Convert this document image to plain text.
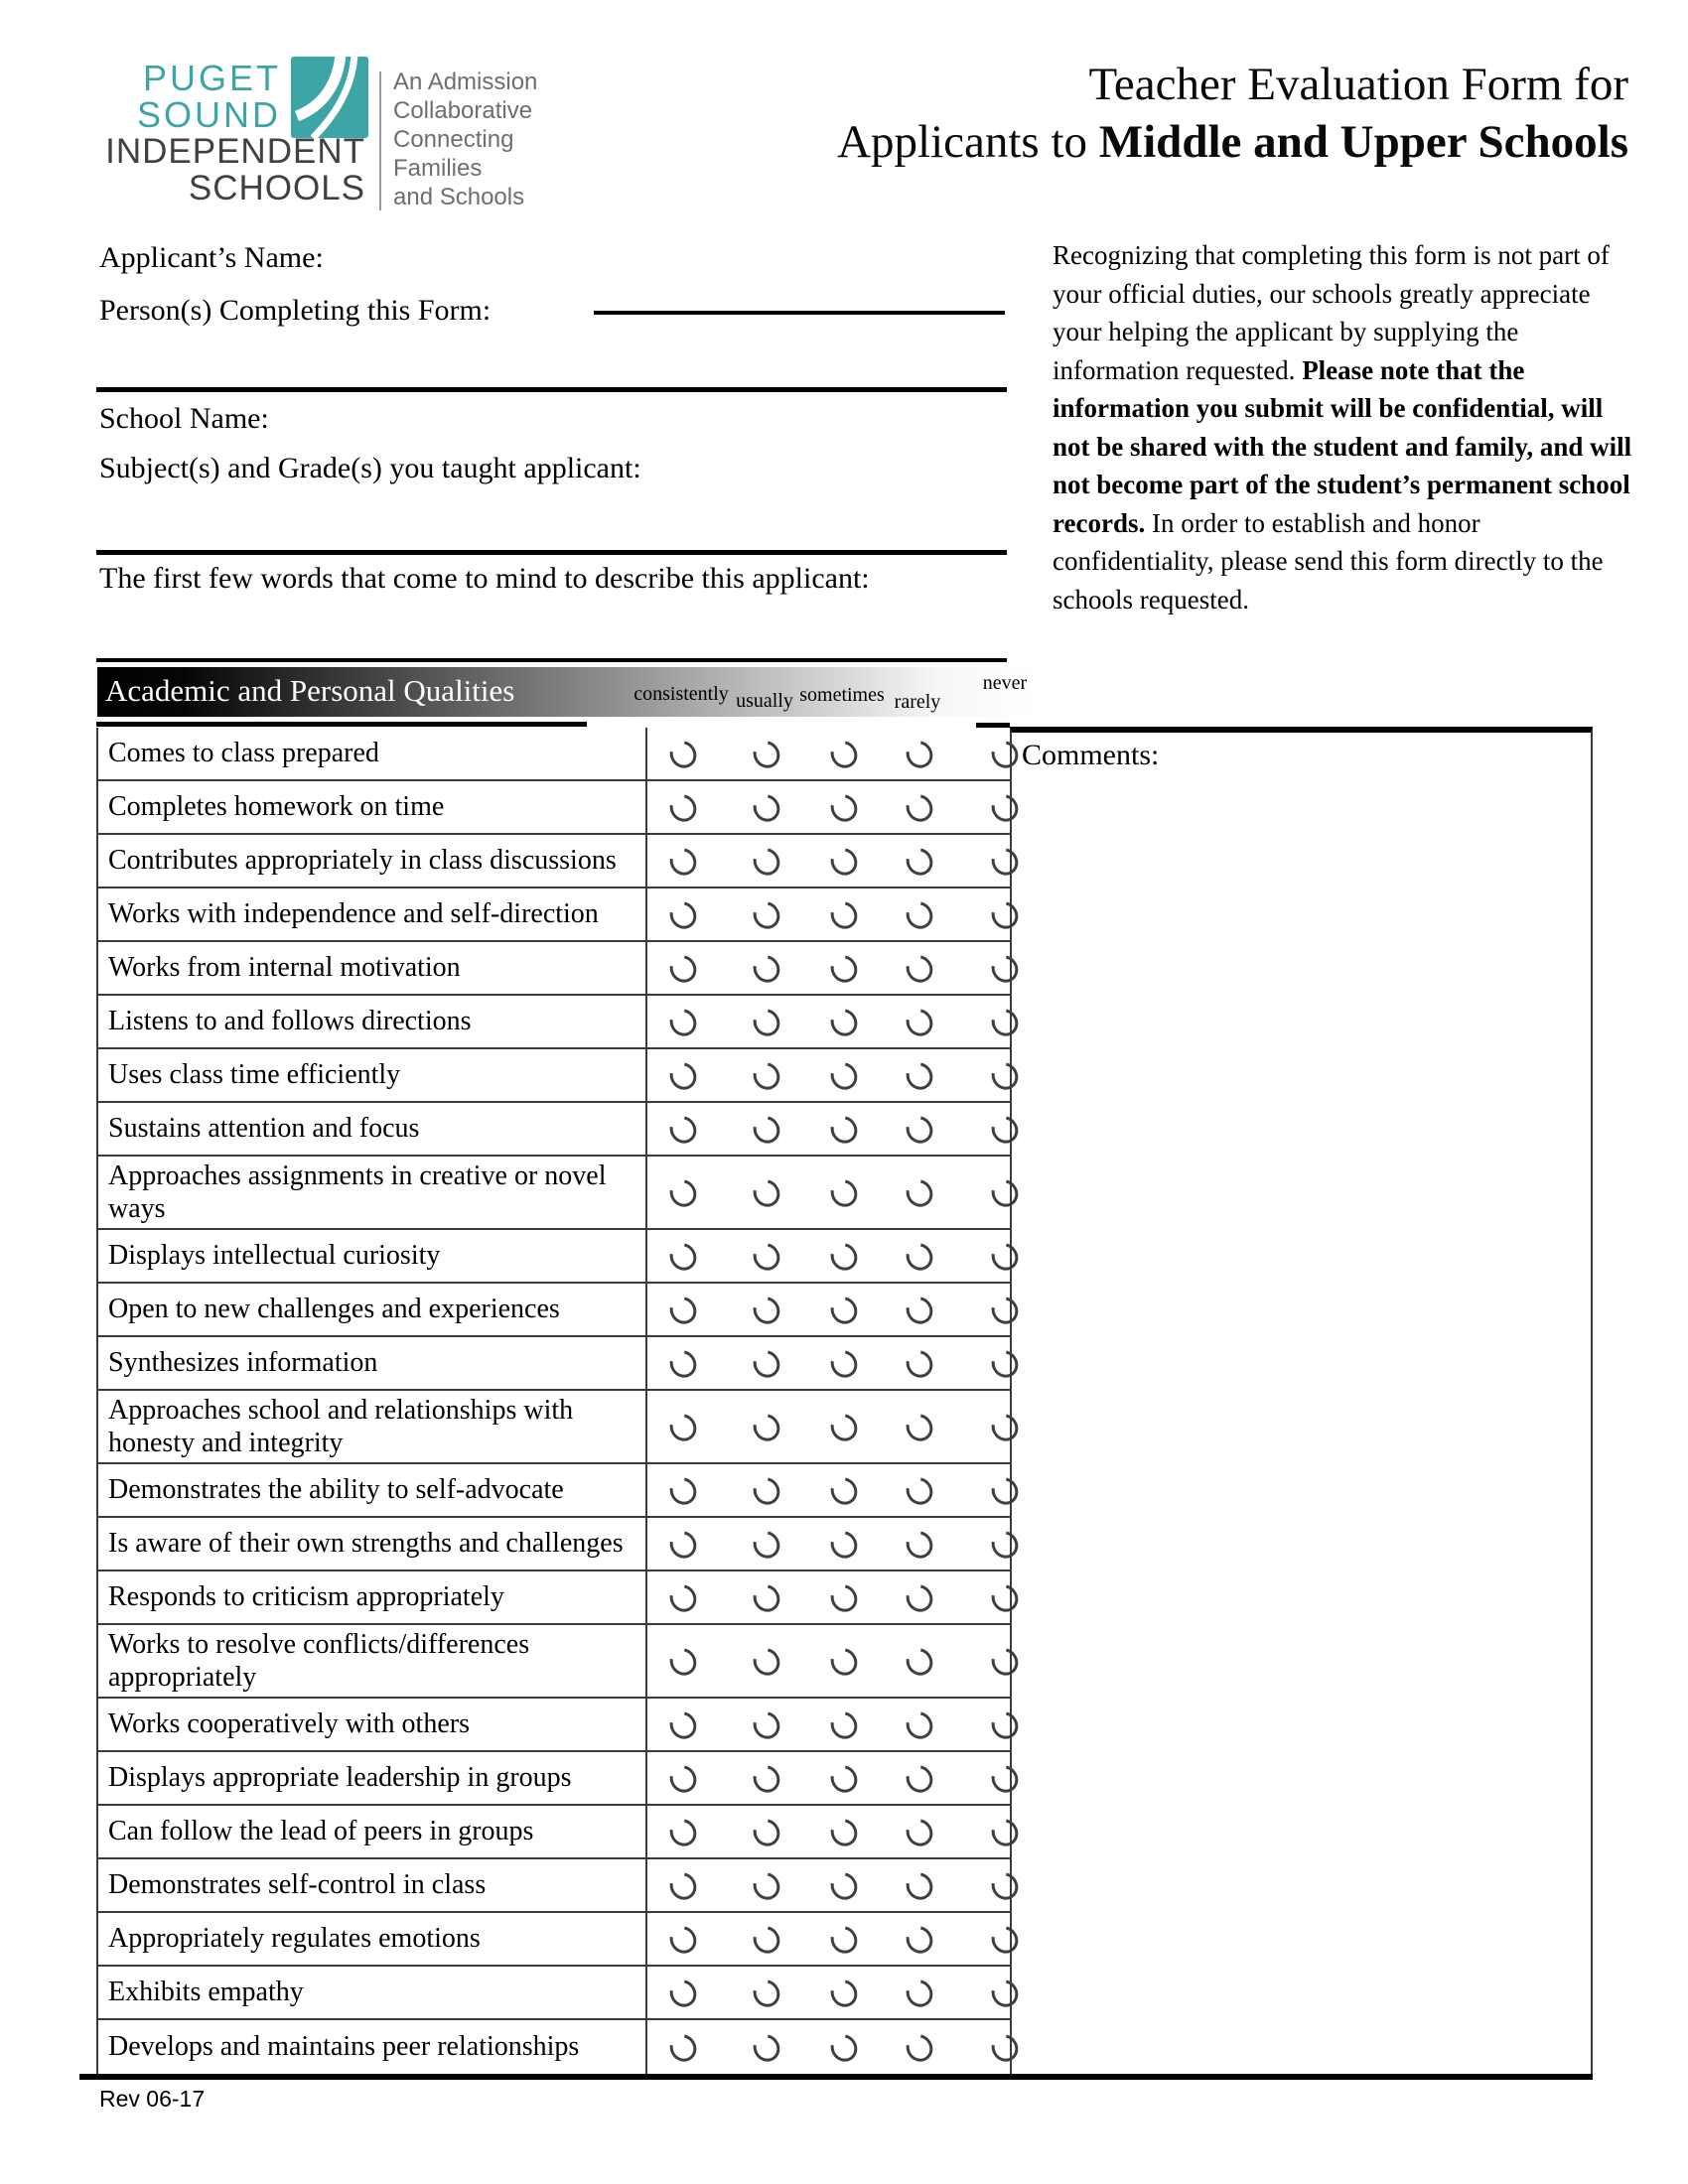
PUGET
SOUND
INDEPENDENT
SCHOOLS
An Admission
Collaborative
Connecting
Families
and Schools
Teacher Evaluation Form for
Applicants to Middle and Upper Schools
Recognizing that completing this form is not part of your official duties, our schools greatly appreciate your helping the applicant by supplying the information requested. Please note that the information you submit will be confidential, will not be shared with the student and family, and will not become part of the student’s permanent school records. In order to establish and honor confidentiality, please send this form directly to the schools requested.
Applicant’s Name:
Person(s) Completing this Form:
School Name:
Subject(s) and Grade(s) you taught applicant:
The first few words that come to mind to describe this applicant:
Academic and Personal Qualities	consistently usually sometimes rarely
never
Comes to class prepared
Completes homework on time
Contributes appropriately in class discussions
Works with independence and self-direction
Works from internal motivation
Listens to and follows directions
Uses class time efficiently
Sustains attention and focus
Approaches assignments in creative or novel ways
Displays intellectual curiosity
Open to new challenges and experiences
Synthesizes information
Approaches school and relationships with honesty and integrity
Demonstrates the ability to self-advocate
Is aware of their own strengths and challenges
Responds to criticism appropriately
Works to resolve conflicts/differences appropriately
Works cooperatively with others
Displays appropriate leadership in groups
Can follow the lead of peers in groups
Demonstrates self-control in class
Appropriately regulates emotions
Exhibits empathy
Develops and maintains peer relationships
Comments:
Rev 06-17
